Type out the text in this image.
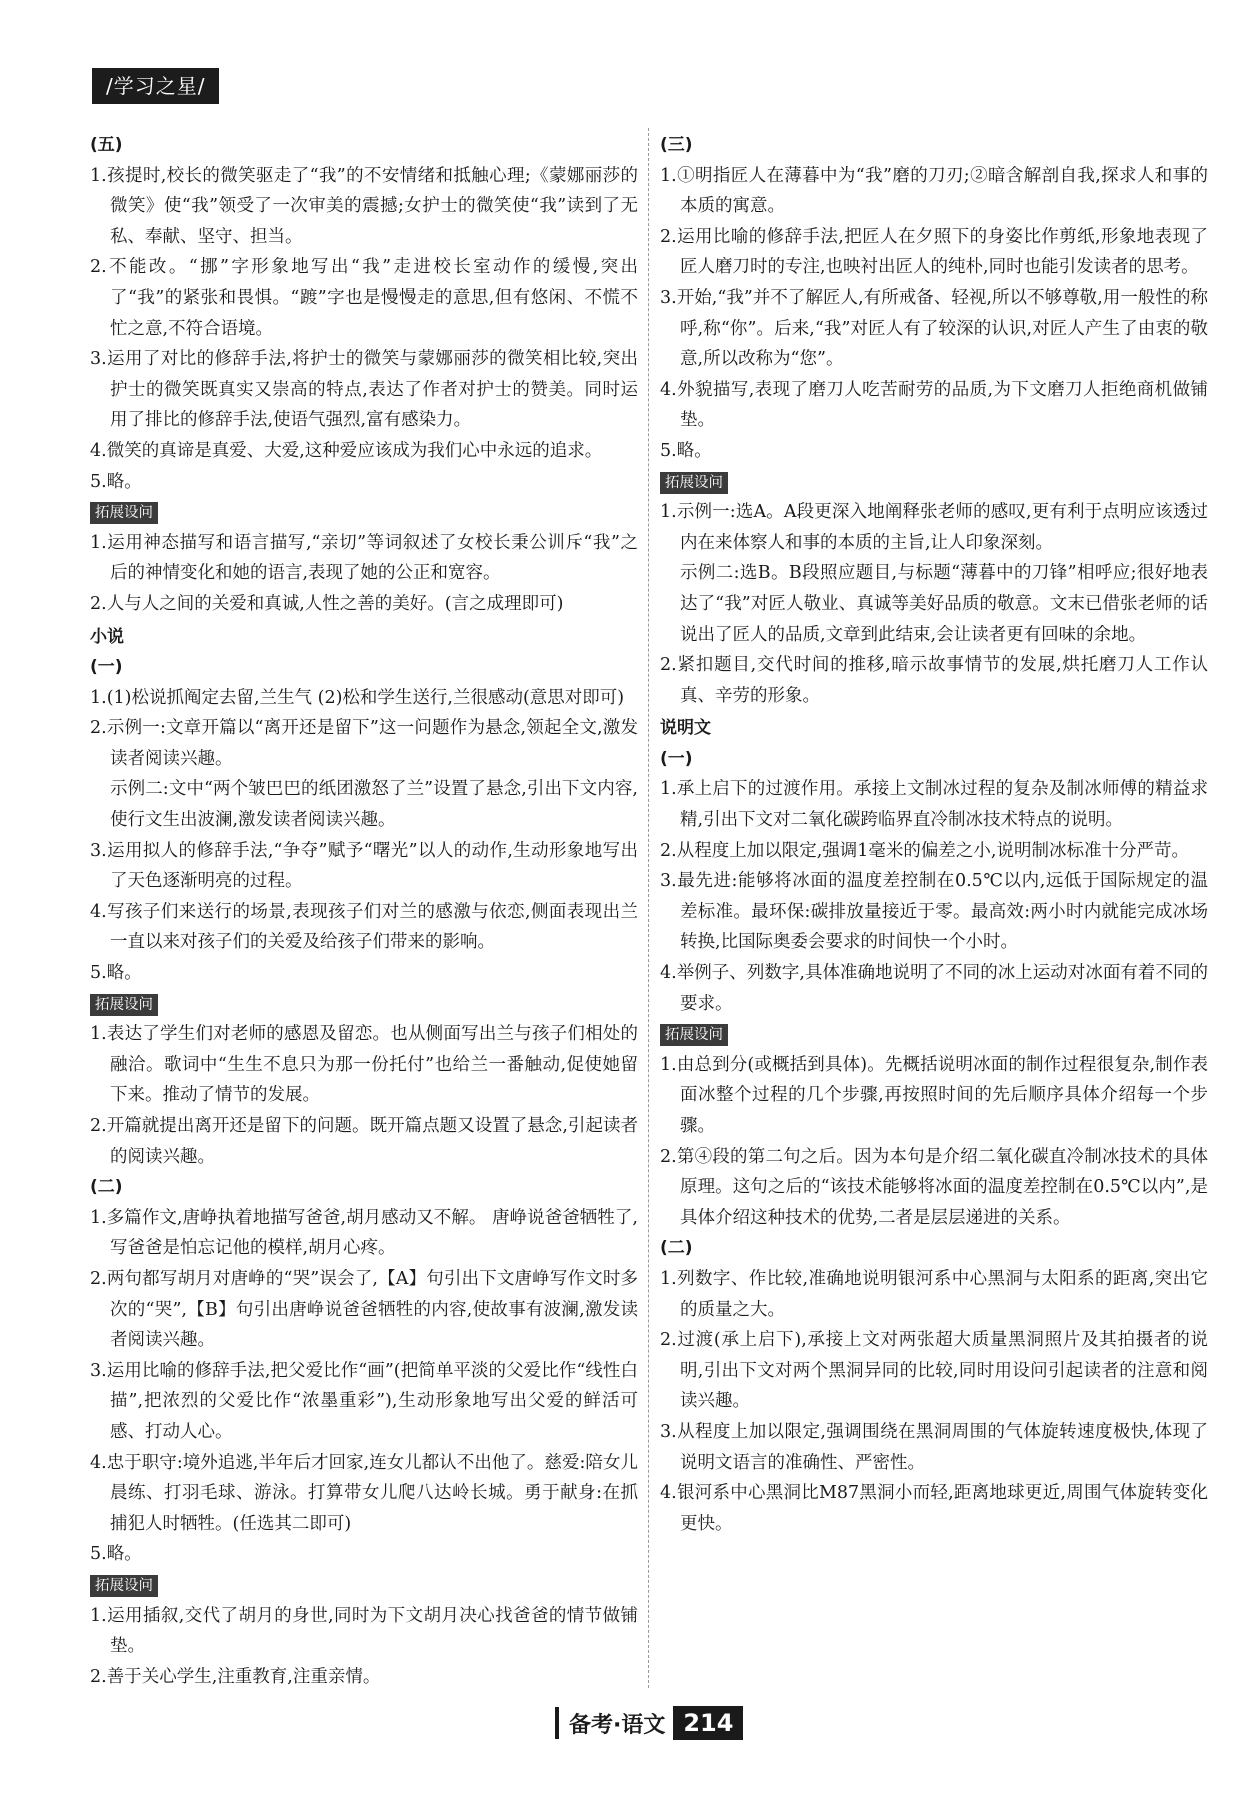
/学习之星/
(五)
1.孩提时,校长的微笑驱走了“我”的不安情绪和抵触心理;《蒙娜丽莎的微笑》使“我”领受了一次审美的震撼;女护士的微笑使“我”读到了无私、奉献、坚守、担当。
2.不能改。“挪”字形象地写出“我”走进校长室动作的缓慢,突出了“我”的紧张和畏惧。“踱”字也是慢慢走的意思,但有悠闲、不慌不忙之意,不符合语境。
3.运用了对比的修辞手法,将护士的微笑与蒙娜丽莎的微笑相比较,突出护士的微笑既真实又崇高的特点,表达了作者对护士的赞美。同时运用了排比的修辞手法,使语气强烈,富有感染力。
4.微笑的真谛是真爱、大爱,这种爱应该成为我们心中永远的追求。
5.略。
拓展设问
1.运用神态描写和语言描写,“亲切”等词叙述了女校长秉公训斥“我”之后的神情变化和她的语言,表现了她的公正和宽容。
2.人与人之间的关爱和真诚,人性之善的美好。(言之成理即可)
小说
(一)
1.(1)松说抓阄定去留,兰生气 (2)松和学生送行,兰很感动(意思对即可)
2.示例一:文章开篇以“离开还是留下”这一问题作为悬念,领起全文,激发读者阅读兴趣。
示例二:文中“两个皱巴巴的纸团激怒了兰”设置了悬念,引出下文内容,使行文生出波澜,激发读者阅读兴趣。
3.运用拟人的修辞手法,“争夺”赋予“曙光”以人的动作,生动形象地写出了天色逐渐明亮的过程。
4.写孩子们来送行的场景,表现孩子们对兰的感激与依恋,侧面表现出兰一直以来对孩子们的关爱及给孩子们带来的影响。
5.略。
拓展设问
1.表达了学生们对老师的感恩及留恋。也从侧面写出兰与孩子们相处的融洽。歌词中“生生不息只为那一份托付”也给兰一番触动,促使她留下来。推动了情节的发展。
2.开篇就提出离开还是留下的问题。既开篇点题又设置了悬念,引起读者的阅读兴趣。
(二)
1.多篇作文,唐峥执着地描写爸爸,胡月感动又不解。 唐峥说爸爸牺牲了,写爸爸是怕忘记他的模样,胡月心疼。
2.两句都写胡月对唐峥的“哭”误会了,【A】句引出下文唐峥写作文时多次的“哭”,【B】句引出唐峥说爸爸牺牲的内容,使故事有波澜,激发读者阅读兴趣。
3.运用比喻的修辞手法,把父爱比作“画”(把简单平淡的父爱比作“线性白描”,把浓烈的父爱比作“浓墨重彩”),生动形象地写出父爱的鲜活可感、打动人心。
4.忠于职守:境外追逃,半年后才回家,连女儿都认不出他了。慈爱:陪女儿晨练、打羽毛球、游泳。打算带女儿爬八达岭长城。勇于献身:在抓捕犯人时牺牲。(任选其二即可)
5.略。
拓展设问
1.运用插叙,交代了胡月的身世,同时为下文胡月决心找爸爸的情节做铺垫。
2.善于关心学生,注重教育,注重亲情。
(三)
1.①明指匠人在薄暮中为“我”磨的刀刃;②暗含解剖自我,探求人和事的本质的寓意。
2.运用比喻的修辞手法,把匠人在夕照下的身姿比作剪纸,形象地表现了匠人磨刀时的专注,也映衬出匠人的纯朴,同时也能引发读者的思考。
3.开始,“我”并不了解匠人,有所戒备、轻视,所以不够尊敬,用一般性的称呼,称“你”。后来,“我”对匠人有了较深的认识,对匠人产生了由衷的敬意,所以改称为“您”。
4.外貌描写,表现了磨刀人吃苦耐劳的品质,为下文磨刀人拒绝商机做铺垫。
5.略。
拓展设问
1.示例一:选A。A段更深入地阐释张老师的感叹,更有利于点明应该透过内在来体察人和事的本质的主旨,让人印象深刻。
示例二:选B。B段照应题目,与标题“薄暮中的刀锋”相呼应;很好地表达了“我”对匠人敬业、真诚等美好品质的敬意。文末已借张老师的话说出了匠人的品质,文章到此结束,会让读者更有回味的余地。
2.紧扣题目,交代时间的推移,暗示故事情节的发展,烘托磨刀人工作认真、辛劳的形象。
说明文
(一)
1.承上启下的过渡作用。承接上文制冰过程的复杂及制冰师傅的精益求精,引出下文对二氧化碳跨临界直冷制冰技术特点的说明。
2.从程度上加以限定,强调1毫米的偏差之小,说明制冰标准十分严苛。
3.最先进:能够将冰面的温度差控制在0.5℃以内,远低于国际规定的温差标准。最环保:碳排放量接近于零。最高效:两小时内就能完成冰场转换,比国际奥委会要求的时间快一个小时。
4.举例子、列数字,具体准确地说明了不同的冰上运动对冰面有着不同的要求。
拓展设问
1.由总到分(或概括到具体)。先概括说明冰面的制作过程很复杂,制作表面冰整个过程的几个步骤,再按照时间的先后顺序具体介绍每一个步骤。
2.第④段的第二句之后。因为本句是介绍二氧化碳直冷制冰技术的具体原理。这句之后的“该技术能够将冰面的温度差控制在0.5℃以内”,是具体介绍这种技术的优势,二者是层层递进的关系。
(二)
1.列数字、作比较,准确地说明银河系中心黑洞与太阳系的距离,突出它的质量之大。
2.过渡(承上启下),承接上文对两张超大质量黑洞照片及其拍摄者的说明,引出下文对两个黑洞异同的比较,同时用设问引起读者的注意和阅读兴趣。
3.从程度上加以限定,强调围绕在黑洞周围的气体旋转速度极快,体现了说明文语言的准确性、严密性。
4.银河系中心黑洞比M87黑洞小而轻,距离地球更近,周围气体旋转变化更快。
备考·语文 214
